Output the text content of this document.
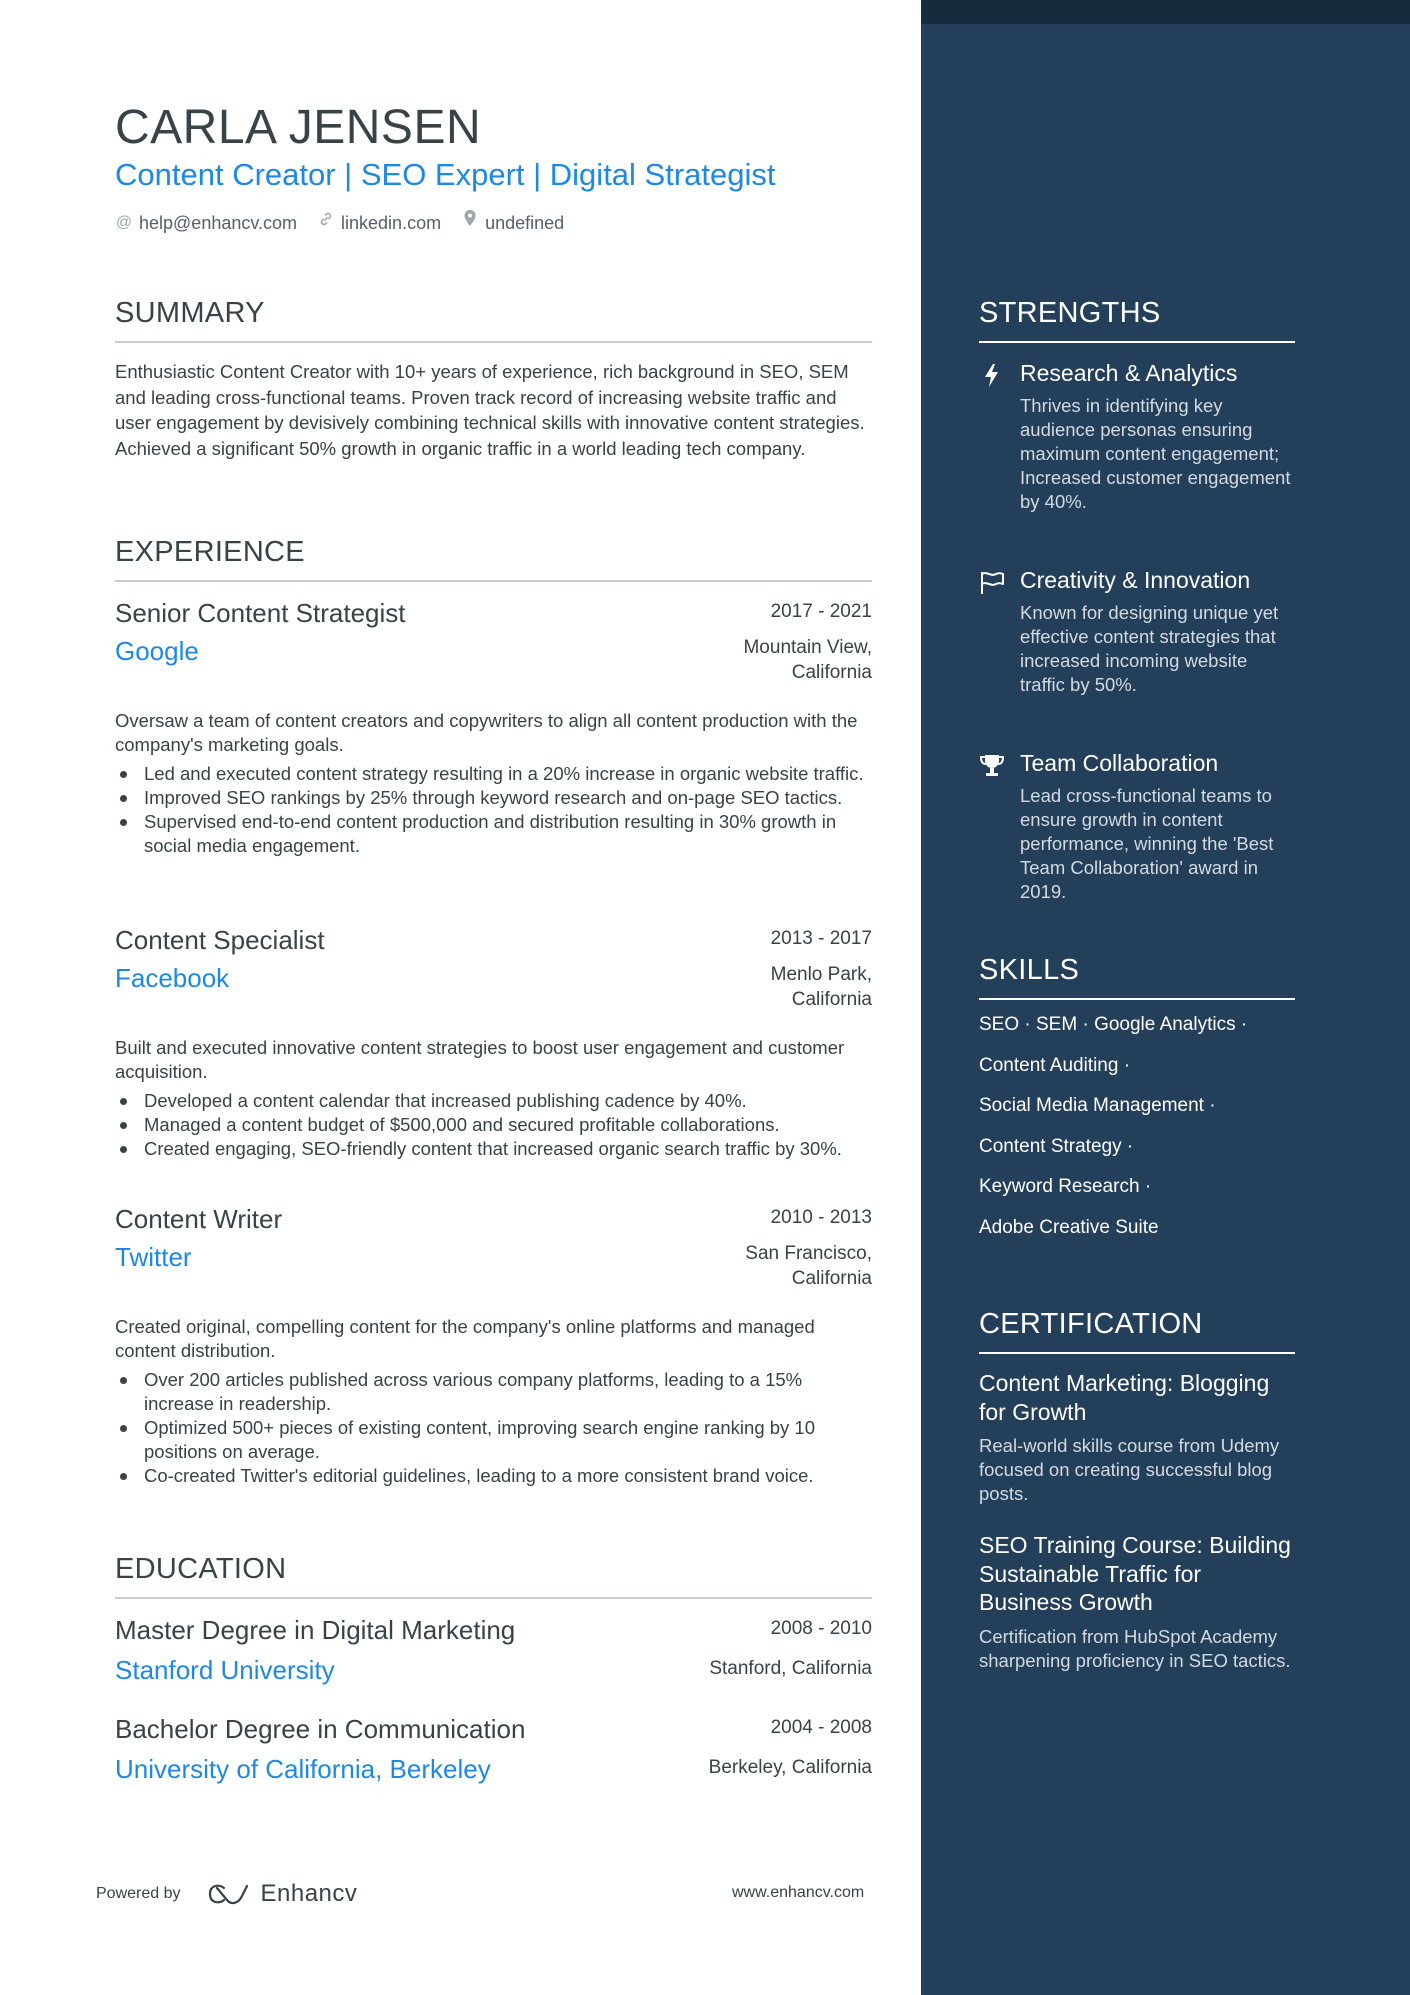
CARLA JENSEN
Content Creator | SEO Expert | Digital Strategist
@ help@enhancv.com linkedin.com undefined
SUMMARY
Enthusiastic Content Creator with 10+ years of experience, rich background in SEO, SEM and leading cross-functional teams. Proven track record of increasing website traffic and user engagement by devisively combining technical skills with innovative content strategies. Achieved a significant 50% growth in organic traffic in a world leading tech company.
EXPERIENCE
Senior Content Strategist	2017 - 2021
Google	Mountain View, California
Oversaw a team of content creators and copywriters to align all content production with the company's marketing goals.
Led and executed content strategy resulting in a 20% increase in organic website traffic.
Improved SEO rankings by 25% through keyword research and on-page SEO tactics.
Supervised end-to-end content production and distribution resulting in 30% growth in social media engagement.
Content Specialist	2013 - 2017
Facebook	Menlo Park, California
Built and executed innovative content strategies to boost user engagement and customer acquisition.
Developed a content calendar that increased publishing cadence by 40%.
Managed a content budget of $500,000 and secured profitable collaborations.
Created engaging, SEO-friendly content that increased organic search traffic by 30%.
Content Writer	2010 - 2013
Twitter	San Francisco, California
Created original, compelling content for the company's online platforms and managed content distribution.
Over 200 articles published across various company platforms, leading to a 15% increase in readership.
Optimized 500+ pieces of existing content, improving search engine ranking by 10 positions on average.
Co-created Twitter's editorial guidelines, leading to a more consistent brand voice.
EDUCATION
Master Degree in Digital Marketing	2008 - 2010
Stanford University	Stanford, California
Bachelor Degree in Communication	2004 - 2008
University of California, Berkeley	Berkeley, California
Powered by	Enhancv	www.enhancv.com
STRENGTHS
Research & Analytics
Thrives in identifying key audience personas ensuring maximum content engagement; Increased customer engagement by 40%.
Creativity & Innovation
Known for designing unique yet effective content strategies that increased incoming website traffic by 50%.
Team Collaboration
Lead cross-functional teams to ensure growth in content performance, winning the 'Best Team Collaboration' award in 2019.
SKILLS
SEO · SEM · Google Analytics ·
Content Auditing ·
Social Media Management ·
Content Strategy ·
Keyword Research ·
Adobe Creative Suite
CERTIFICATION
Content Marketing: Blogging for Growth
Real-world skills course from Udemy focused on creating successful blog posts.
SEO Training Course: Building Sustainable Traffic for Business Growth
Certification from HubSpot Academy sharpening proficiency in SEO tactics.
